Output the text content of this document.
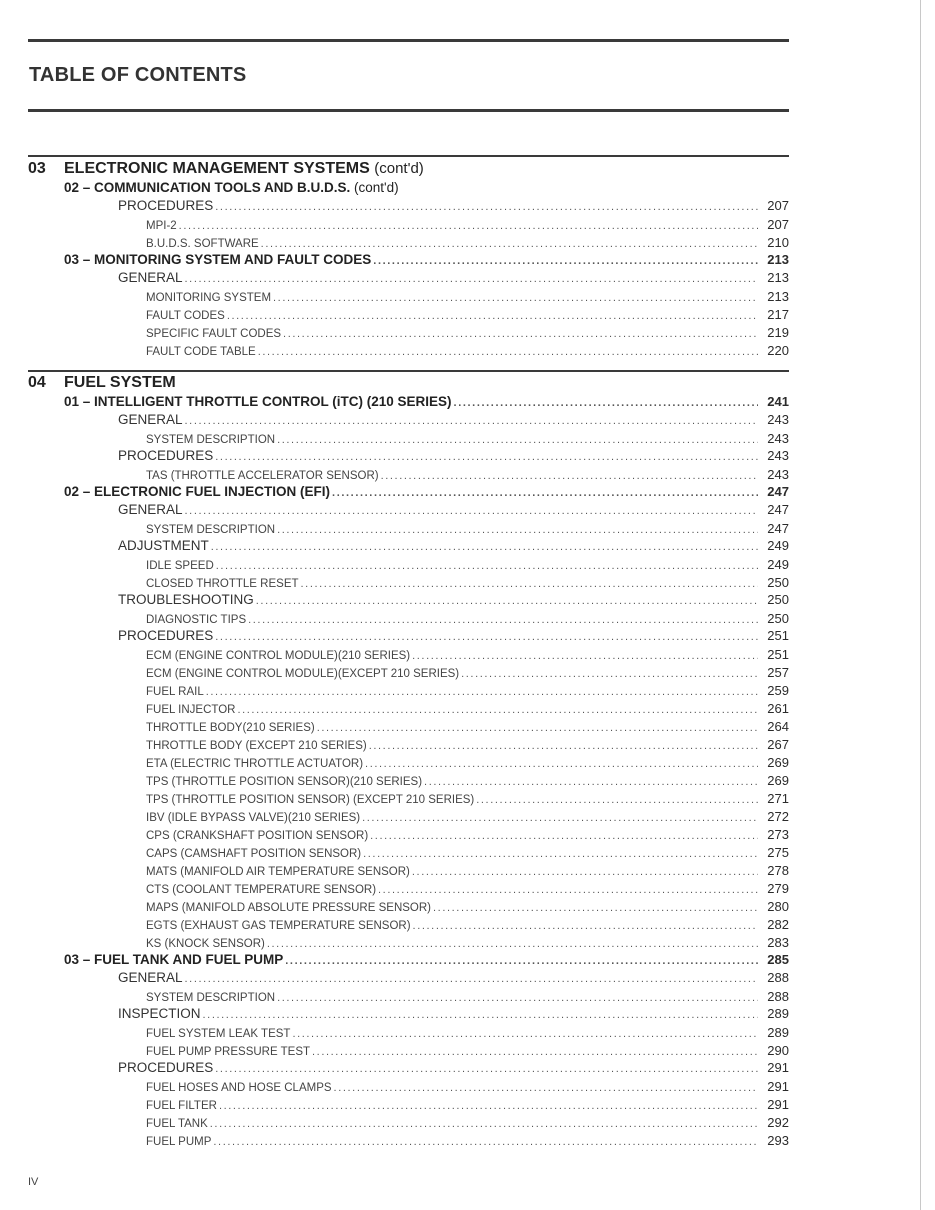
TABLE OF CONTENTS
03 ELECTRONIC MANAGEMENT SYSTEMS (cont'd)
02 – COMMUNICATION TOOLS AND B.U.D.S. (cont'd)
PROCEDURES .....	207
MPI-2 .....	207
B.U.D.S. SOFTWARE .....	210
03 – MONITORING SYSTEM AND FAULT CODES .....	213
GENERAL .....	213
MONITORING SYSTEM .....	213
FAULT CODES .....	217
SPECIFIC FAULT CODES .....	219
FAULT CODE TABLE .....	220
04 FUEL SYSTEM
01 – INTELLIGENT THROTTLE CONTROL (iTC) (210 SERIES) .....	241
GENERAL .....	243
SYSTEM DESCRIPTION .....	243
PROCEDURES .....	243
TAS (THROTTLE ACCELERATOR SENSOR) .....	243
02 – ELECTRONIC FUEL INJECTION (EFI) .....	247
GENERAL .....	247
SYSTEM DESCRIPTION .....	247
ADJUSTMENT .....	249
IDLE SPEED .....	249
CLOSED THROTTLE RESET .....	250
TROUBLESHOOTING .....	250
DIAGNOSTIC TIPS .....	250
PROCEDURES .....	251
ECM (ENGINE CONTROL MODULE)(210 SERIES) .....	251
ECM (ENGINE CONTROL MODULE)(EXCEPT 210 SERIES) .....	257
FUEL RAIL .....	259
FUEL INJECTOR .....	261
THROTTLE BODY(210 SERIES) .....	264
THROTTLE BODY (EXCEPT 210 SERIES) .....	267
ETA (ELECTRIC THROTTLE ACTUATOR) .....	269
TPS (THROTTLE POSITION SENSOR)(210 SERIES) .....	269
TPS (THROTTLE POSITION SENSOR) (EXCEPT 210 SERIES) .....	271
IBV (IDLE BYPASS VALVE)(210 SERIES) .....	272
CPS (CRANKSHAFT POSITION SENSOR) .....	273
CAPS (CAMSHAFT POSITION SENSOR) .....	275
MATS (MANIFOLD AIR TEMPERATURE SENSOR) .....	278
CTS (COOLANT TEMPERATURE SENSOR) .....	279
MAPS (MANIFOLD ABSOLUTE PRESSURE SENSOR) .....	280
EGTS (EXHAUST GAS TEMPERATURE SENSOR) .....	282
KS (KNOCK SENSOR) .....	283
03 – FUEL TANK AND FUEL PUMP .....	285
GENERAL .....	288
SYSTEM DESCRIPTION .....	288
INSPECTION .....	289
FUEL SYSTEM LEAK TEST .....	289
FUEL PUMP PRESSURE TEST .....	290
PROCEDURES .....	291
FUEL HOSES AND HOSE CLAMPS .....	291
FUEL FILTER .....	291
FUEL TANK .....	292
FUEL PUMP .....	293
IV
